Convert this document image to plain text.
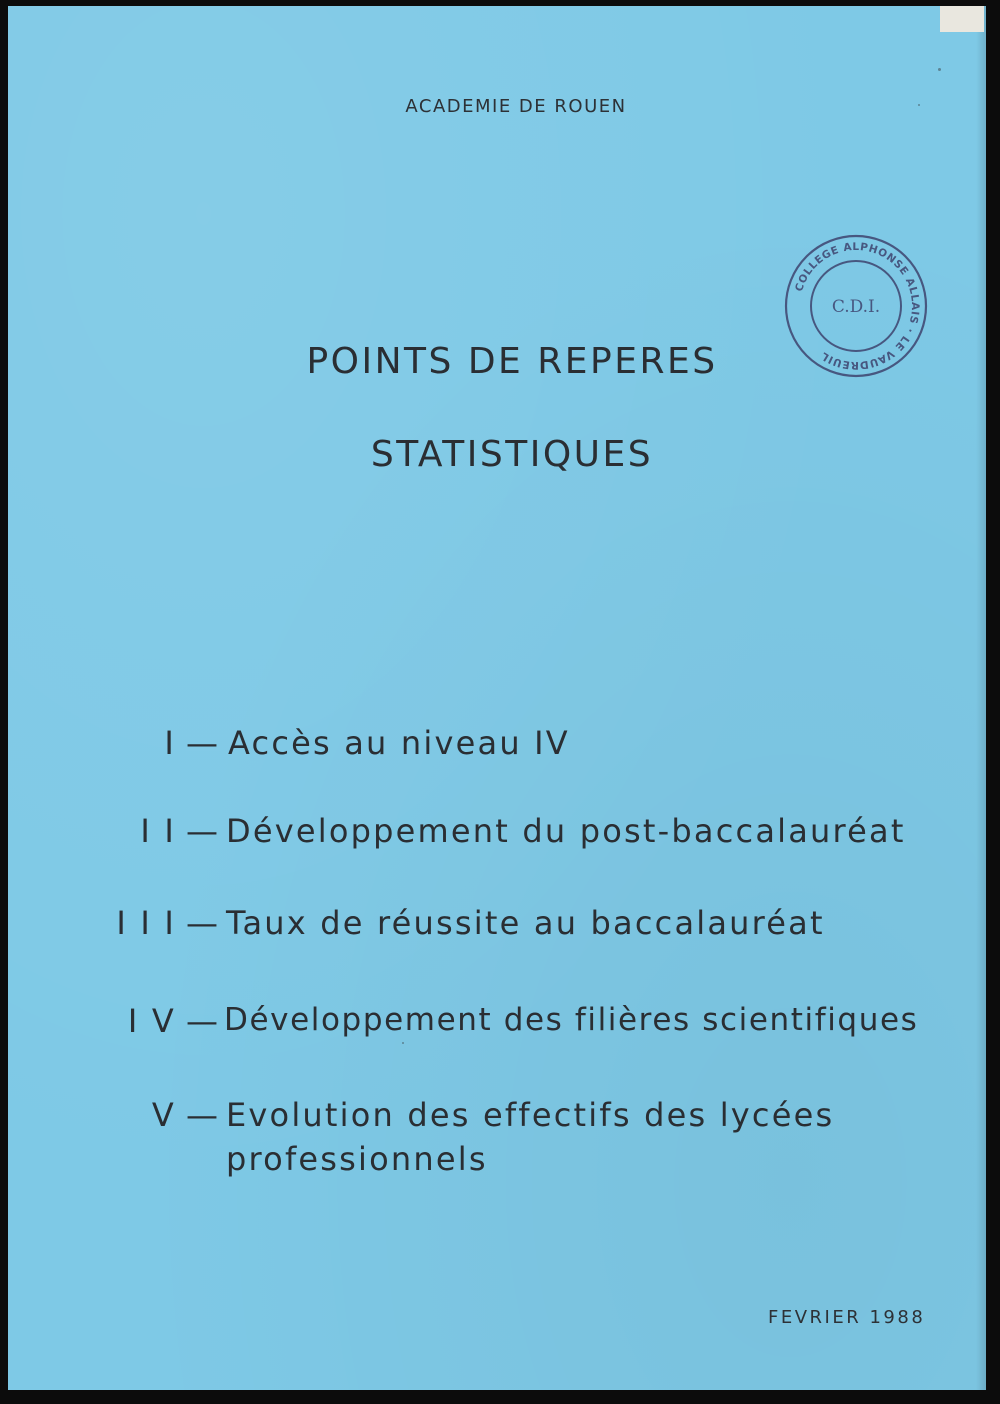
ACADEMIE DE ROUEN
POINTS DE REPERES
STATISTIQUES
I — Accès au niveau IV
I I — Développement du post-baccalauréat
I I I — Taux de réussite au baccalauréat
I V — Développement des filières scientifiques
V — Evolution des effectifs des lycées
professionnels
FEVRIER 1988
COLLEGE ALPHONSE ALLAIS · LE VAUDREUIL
C.D.I.
